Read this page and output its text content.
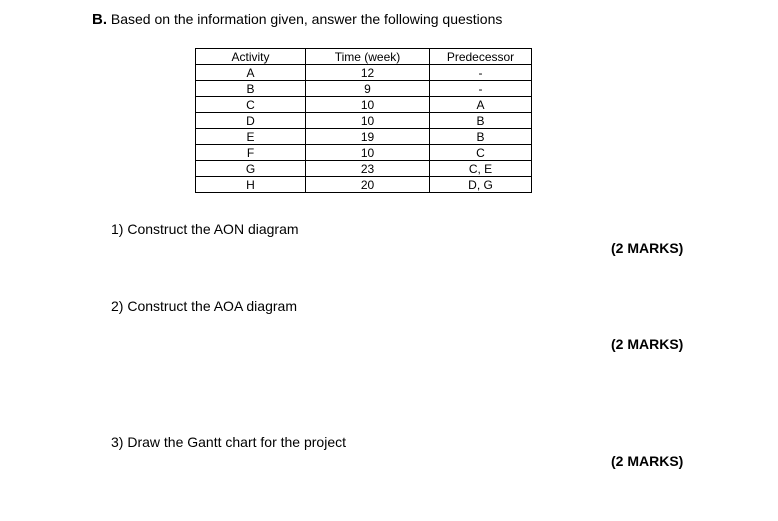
B. Based on the information given, answer the following questions
Activity	Time (week)	Predecessor
A	12	-
B	9	-
C	10	A
D	10	B
E	19	B
F	10	C
G	23	C, E
H	20	D, G
1) Construct the AON diagram
(2 MARKS)
2) Construct the AOA diagram
(2 MARKS)
3) Draw the Gantt chart for the project
(2 MARKS)
